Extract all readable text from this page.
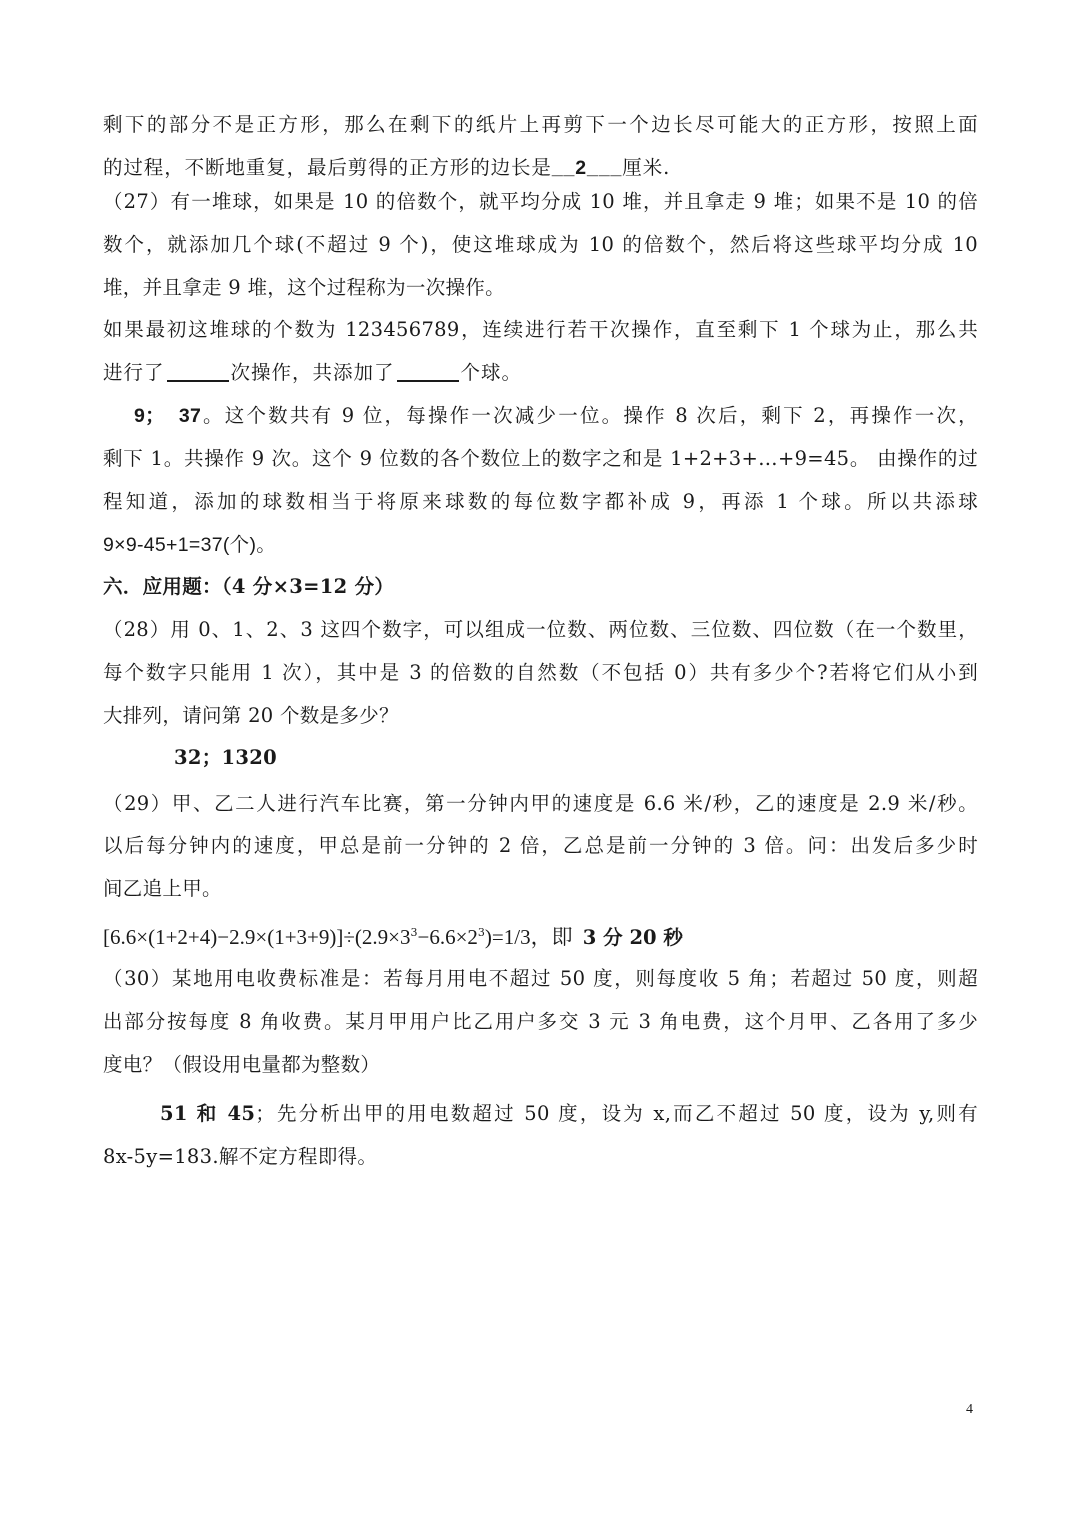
剩下的部分不是正方形，那么在剩下的纸片上再剪下一个边长尽可能大的正方形，按照上面
的过程，不断地重复，最后剪得的正方形的边长是__2___厘米.
（27）有一堆球，如果是 10 的倍数个，就平均分成 10 堆，并且拿走 9 堆；如果不是 10 的倍
数个，就添加几个球(不超过 9 个)，使这堆球成为 10 的倍数个，然后将这些球平均分成 10
堆，并且拿走 9 堆，这个过程称为一次操作。
如果最初这堆球的个数为 123456789，连续进行若干次操作，直至剩下 1 个球为止，那么共
进行了	次操作，共添加了	个球。
9；　37。这个数共有 9 位，每操作一次减少一位。操作 8 次后，剩下 2，再操作一次，
剩下 1。共操作 9 次。这个 9 位数的各个数位上的数字之和是 1+2+3+…+9=45。 由操作的过
程知道，添加的球数相当于将原来球数的每位数字都补成 9，再添 1 个球。所以共添球
9×9-45+1=37(个)。
六．应用题：（4 分×3=12 分）
（28）用 0、1、2、3 这四个数字，可以组成一位数、两位数、三位数、四位数（在一个数里，
每个数字只能用 1 次），其中是 3 的倍数的自然数（不包括 0）共有多少个?若将它们从小到
大排列，请问第 20 个数是多少？
32；1320
（29）甲、乙二人进行汽车比赛，第一分钟内甲的速度是 6.6 米/秒，乙的速度是 2.9 米/秒。
以后每分钟内的速度，甲总是前一分钟的 2 倍，乙总是前一分钟的 3 倍。问：出发后多少时
间乙追上甲。
$[6.6\times(1+2+4)-2.9\times(1+3+9)]\div(2.9\times 3^3-6.6\times 2^3)=1/3$，即 3 分 20 秒
（30）某地用电收费标准是：若每月用电不超过 50 度，则每度收 5 角；若超过 50 度，则超
出部分按每度 8 角收费。某月甲用户比乙用户多交 3 元 3 角电费，这个月甲、乙各用了多少
度电？（假设用电量都为整数）
51 和 45；先分析出甲的用电数超过 50 度，设为 x,而乙不超过 50 度，设为 y,则有
8x-5y=183.解不定方程即得。
4
